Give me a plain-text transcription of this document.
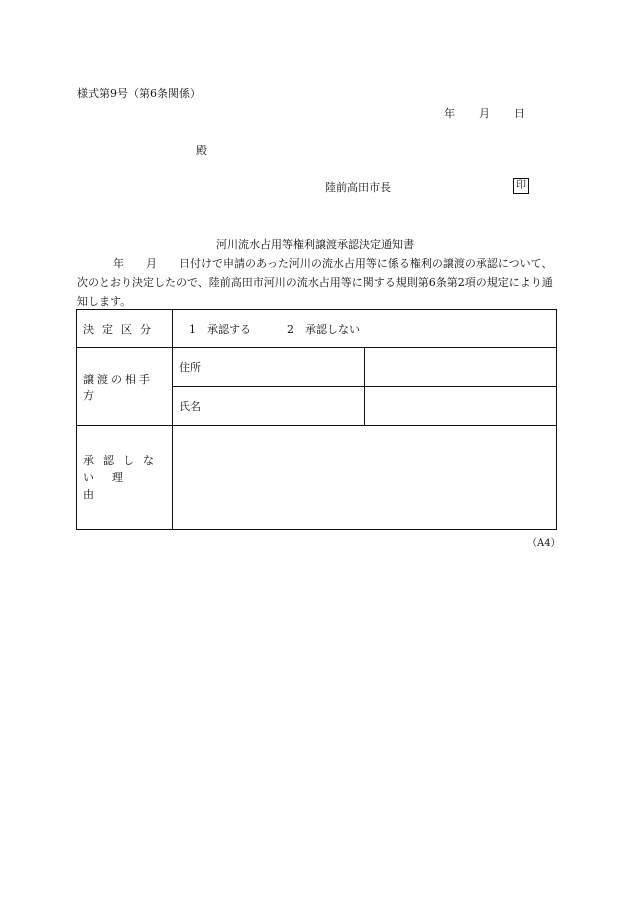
様式第9号（第6条関係）
年 月 日
殿
陸前高田市長	印
河川流水占用等権利譲渡承認決定通知書
年 月 日付けで申請のあった河川の流水占用等に係る権利の譲渡の承認について、次のとおり決定したので、陸前高田市河川の流水占用等に関する規則第6条第2項の規定により通知します。
決定区分	1　承認する 2　承認しない	
譲渡の相手方	住所	
	氏名	

承認しな
い理由		

（A4）
